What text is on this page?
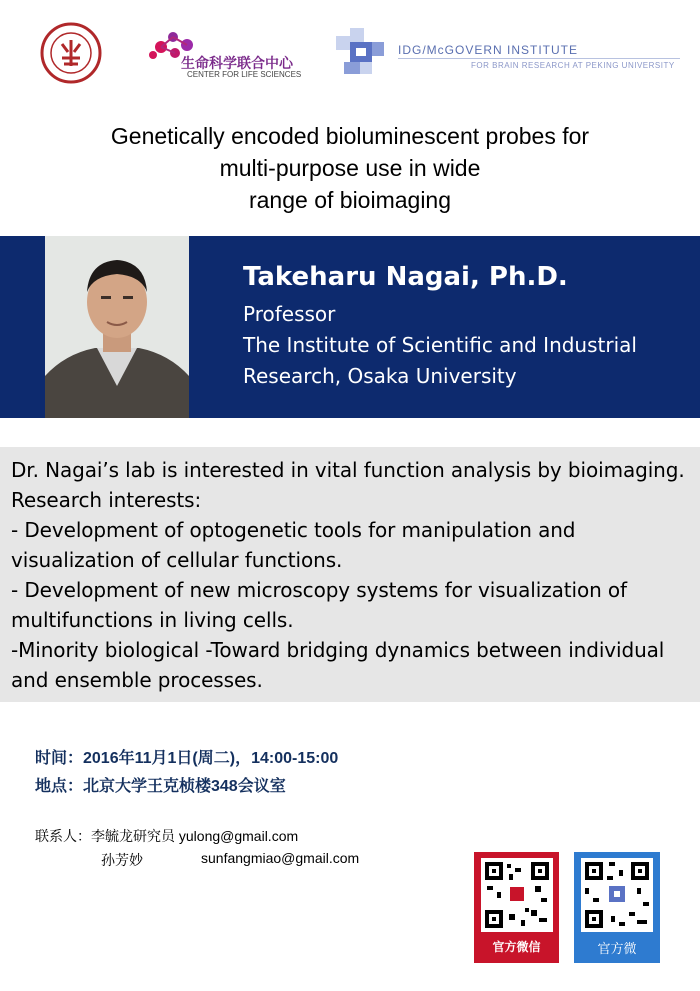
生命科学联合中心
CENTER FOR LIFE SCIENCES
IDG/McGOVERN INSTITUTE
FOR BRAIN RESEARCH AT PEKING UNIVERSITY
Genetically encoded bioluminescent probes for
multi-purpose use in wide
range of bioimaging
Takeharu Nagai, Ph.D.
Professor
The Institute of Scientific and Industrial
Research, Osaka University
Dr. Nagai’s lab is interested in vital function analysis by bioimaging.
Research interests:
- Development of optogenetic tools for manipulation and
visualization of cellular functions.
- Development of new microscopy systems for visualization of
multifunctions in living cells.
-Minority biological -Toward bridging dynamics between individual
and ensemble processes.
时间：2016年11月1日(周二)，14:00-15:00
地点：北京大学王克桢楼348会议室
联系人：李毓龙研究员 yulong@gmail.com
孙芳妙	sunfangmiao@gmail.com
官方微信	官方微
